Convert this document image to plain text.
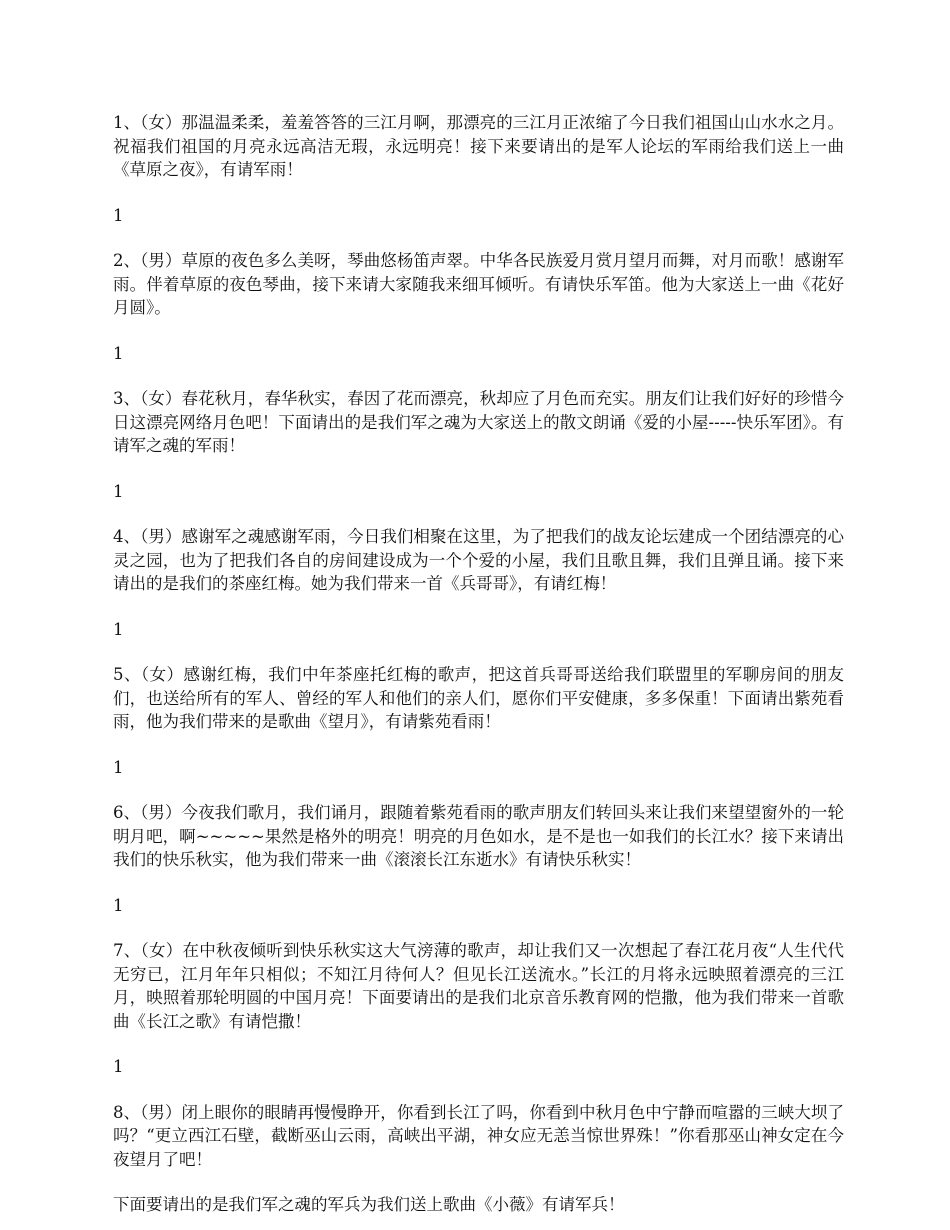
1、（女）那温温柔柔，羞羞答答的三江月啊，那漂亮的三江月正浓缩了今日我们祖国山山水水之月。祝福我们祖国的月亮永远高洁无瑕，永远明亮！接下来要请出的是军人论坛的军雨给我们送上一曲《草原之夜》，有请军雨！

1

2、（男）草原的夜色多么美呀，琴曲悠杨笛声翠。中华各民族爱月赏月望月而舞，对月而歌！感谢军雨。伴着草原的夜色琴曲，接下来请大家随我来细耳倾听。有请快乐军笛。他为大家送上一曲《花好月圆》。

1

3、（女）春花秋月，春华秋实，春因了花而漂亮，秋却应了月色而充实。朋友们让我们好好的珍惜今日这漂亮网络月色吧！下面请出的是我们军之魂为大家送上的散文朗诵《爱的小屋-----快乐军团》。有请军之魂的军雨！

1

4、（男）感谢军之魂感谢军雨，今日我们相聚在这里，为了把我们的战友论坛建成一个团结漂亮的心灵之园，也为了把我们各自的房间建设成为一个个爱的小屋，我们且歌且舞，我们且弹且诵。接下来请出的是我们的茶座红梅。她为我们带来一首《兵哥哥》，有请红梅！

1

5、（女）感谢红梅，我们中年茶座托红梅的歌声，把这首兵哥哥送给我们联盟里的军聊房间的朋友们，也送给所有的军人、曾经的军人和他们的亲人们，愿你们平安健康，多多保重！下面请出紫苑看雨，他为我们带来的是歌曲《望月》，有请紫苑看雨！

1

6、（男）今夜我们歌月，我们诵月，跟随着紫苑看雨的歌声朋友们转回头来让我们来望望窗外的一轮明月吧，啊~~~~~果然是格外的明亮！明亮的月色如水，是不是也一如我们的长江水？接下来请出我们的快乐秋实，他为我们带来一曲《滚滚长江东逝水》有请快乐秋实！

1

7、（女）在中秋夜倾听到快乐秋实这大气滂薄的歌声，却让我们又一次想起了春江花月夜“人生代代无穷已，江月年年只相似；不知江月待何人？但见长江送流水。”长江的月将永远映照着漂亮的三江月，映照着那轮明圆的中国月亮！下面要请出的是我们北京音乐教育网的恺撒，他为我们带来一首歌曲《长江之歌》有请恺撒！

1

8、（男）闭上眼你的眼睛再慢慢睁开，你看到长江了吗，你看到中秋月色中宁静而喧嚣的三峡大坝了吗？“更立西江石壁，截断巫山云雨，高峡出平湖，神女应无恙当惊世界殊！”你看那巫山神女定在今夜望月了吧！

下面要请出的是我们军之魂的军兵为我们送上歌曲《小薇》有请军兵！
